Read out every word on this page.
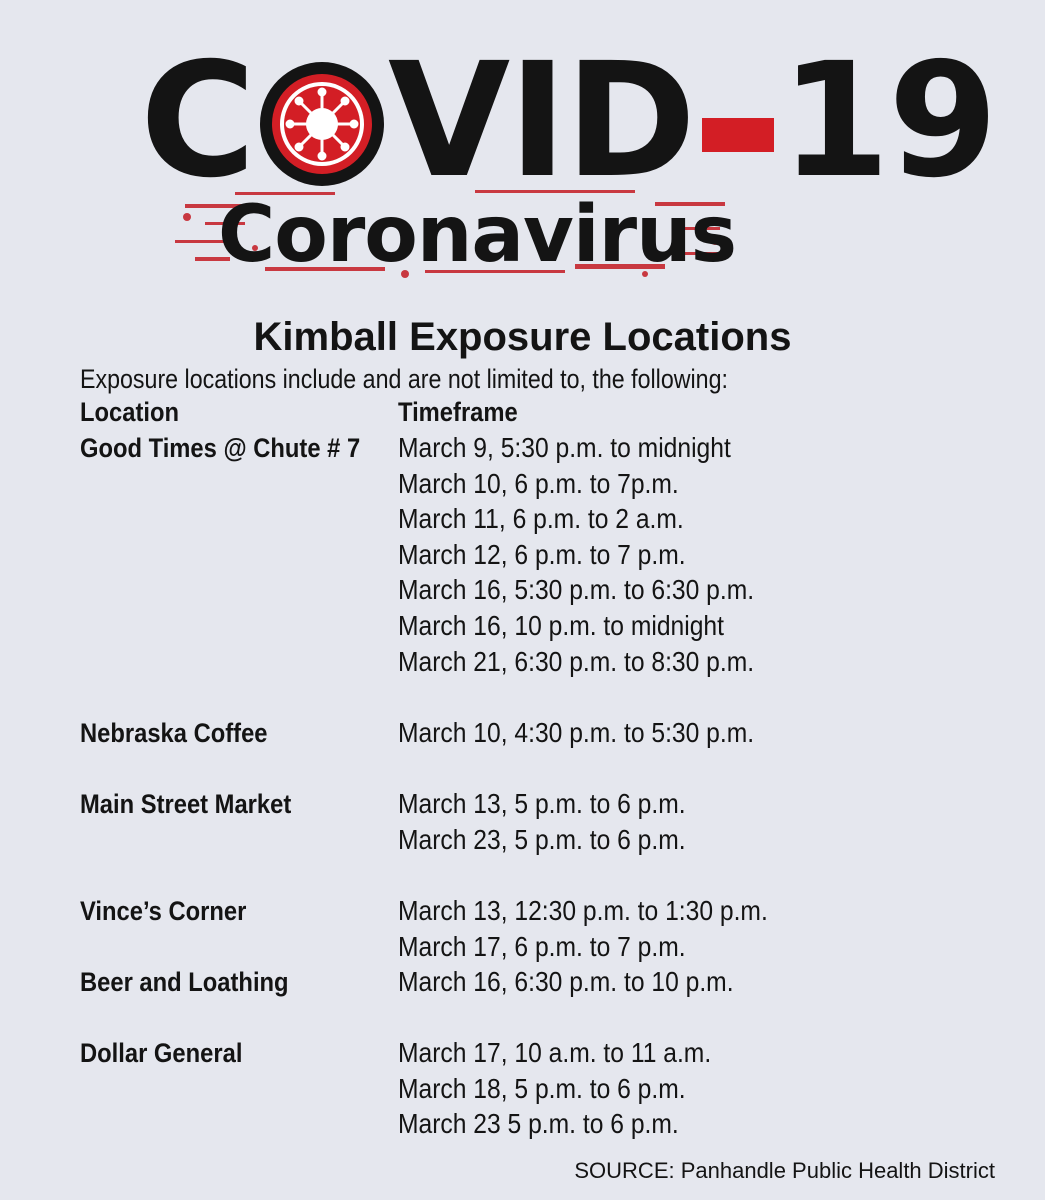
C VID 19
Coronavirus
Kimball Exposure Locations
Exposure locations include and are not limited to, the following:
Location	Timeframe
Good Times @ Chute # 7 March 9, 5:30 p.m. to midnight
March 10, 6 p.m. to 7p.m.
March 11, 6 p.m. to 2 a.m.
March 12, 6 p.m. to 7 p.m.
March 16, 5:30 p.m. to 6:30 p.m.
March 16, 10 p.m. to midnight
March 21, 6:30 p.m. to 8:30 p.m.
Nebraska Coffee	March 10, 4:30 p.m. to 5:30 p.m.
Main Street Market	March 13, 5 p.m. to 6 p.m.
March 23, 5 p.m. to 6 p.m.
Vince’s Corner	March 13, 12:30 p.m. to 1:30 p.m.
March 17, 6 p.m. to 7 p.m.
Beer and Loathing	March 16, 6:30 p.m. to 10 p.m.
Dollar General	March 17, 10 a.m. to 11 a.m.
March 18, 5 p.m. to 6 p.m.
March 23 5 p.m. to 6 p.m.
SOURCE: Panhandle Public Health District
